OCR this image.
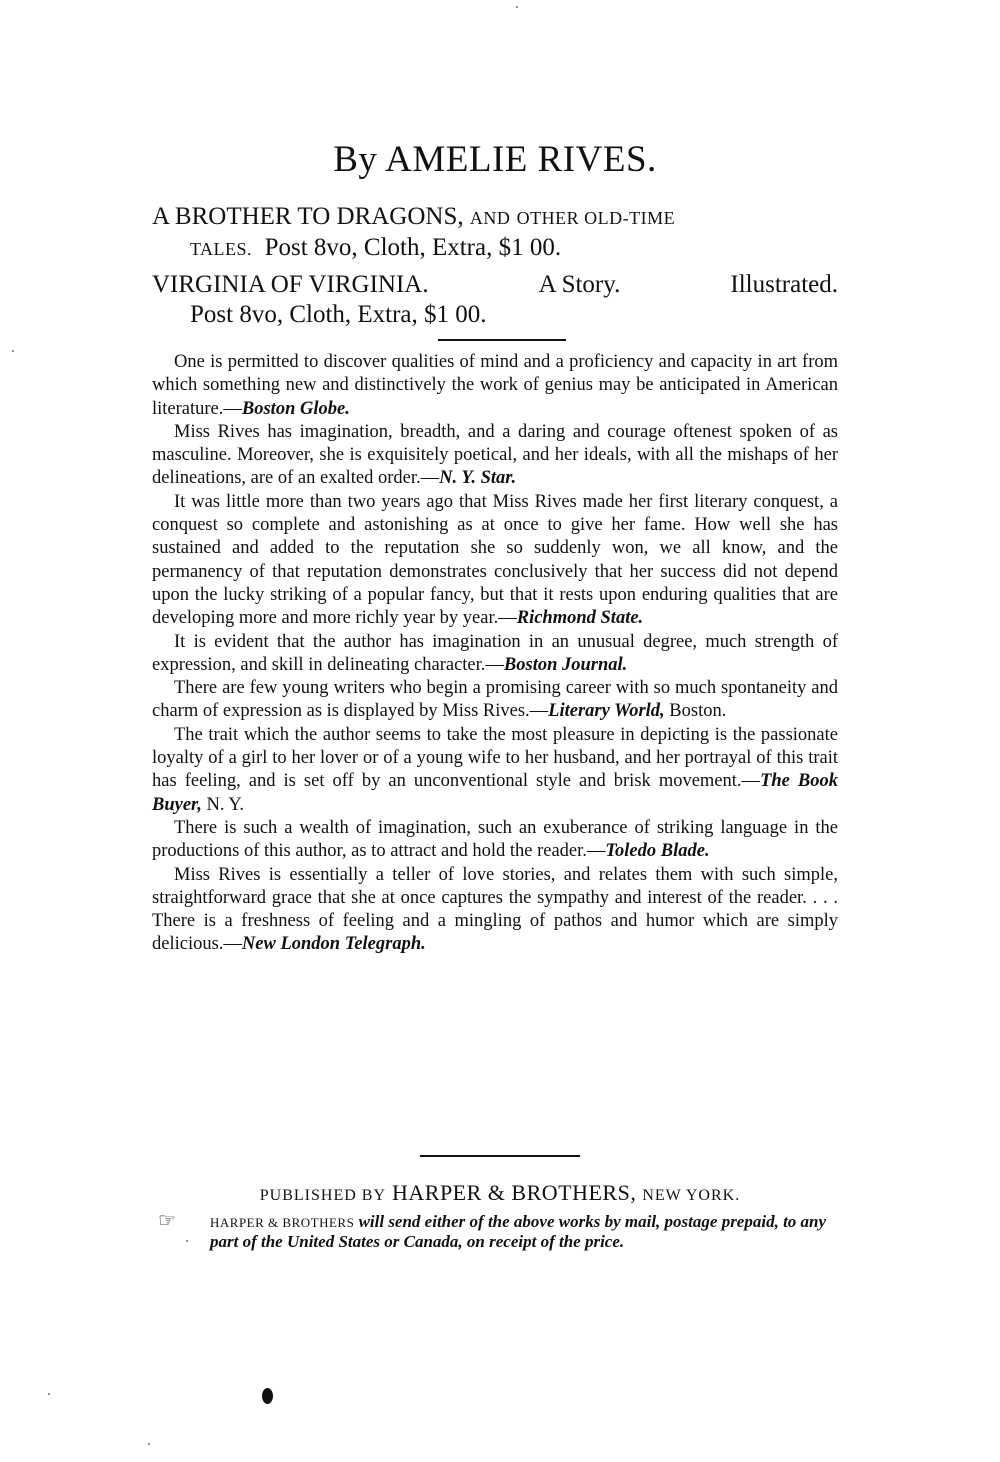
By AMELIE RIVES.
A BROTHER TO DRAGONS, AND OTHER OLD-TIME
TALES. Post 8vo, Cloth, Extra, $1 00.
VIRGINIA OF VIRGINIA.	A Story.	Illustrated.
Post 8vo, Cloth, Extra, $1 00.

One is permitted to discover qualities of mind and a proficiency and capacity in art from which something new and distinctively the work of genius may be anticipated in American literature.—Boston Globe.

Miss Rives has imagination, breadth, and a daring and courage oftenest spoken of as masculine. Moreover, she is exquisitely poetical, and her ideals, with all the mishaps of her delineations, are of an exalted order.—N. Y. Star.

It was little more than two years ago that Miss Rives made her first literary conquest, a conquest so complete and astonishing as at once to give her fame. How well she has sustained and added to the reputation she so suddenly won, we all know, and the permanency of that reputation demonstrates conclusively that her success did not depend upon the lucky striking of a popular fancy, but that it rests upon enduring qualities that are developing more and more richly year by year.—Richmond State.

It is evident that the author has imagination in an unusual degree, much strength of expression, and skill in delineating character.—Boston Journal.

There are few young writers who begin a promising career with so much spontaneity and charm of expression as is displayed by Miss Rives.—Literary World, Boston.

The trait which the author seems to take the most pleasure in depicting is the passionate loyalty of a girl to her lover or of a young wife to her husband, and her portrayal of this trait has feeling, and is set off by an unconventional style and brisk movement.—The Book Buyer, N. Y.

There is such a wealth of imagination, such an exuberance of striking language in the productions of this author, as to attract and hold the reader.—Toledo Blade.

Miss Rives is essentially a teller of love stories, and relates them with such simple, straightforward grace that she at once captures the sympathy and interest of the reader. . . . There is a freshness of feeling and a mingling of pathos and humor which are simply delicious.—New London Telegraph.

PUBLISHED BY HARPER & BROTHERS, NEW YORK.
☞	HARPER & BROTHERS will send either of the above works by mail, postage prepaid, to any part of the United States or Canada, on receipt of the price.
